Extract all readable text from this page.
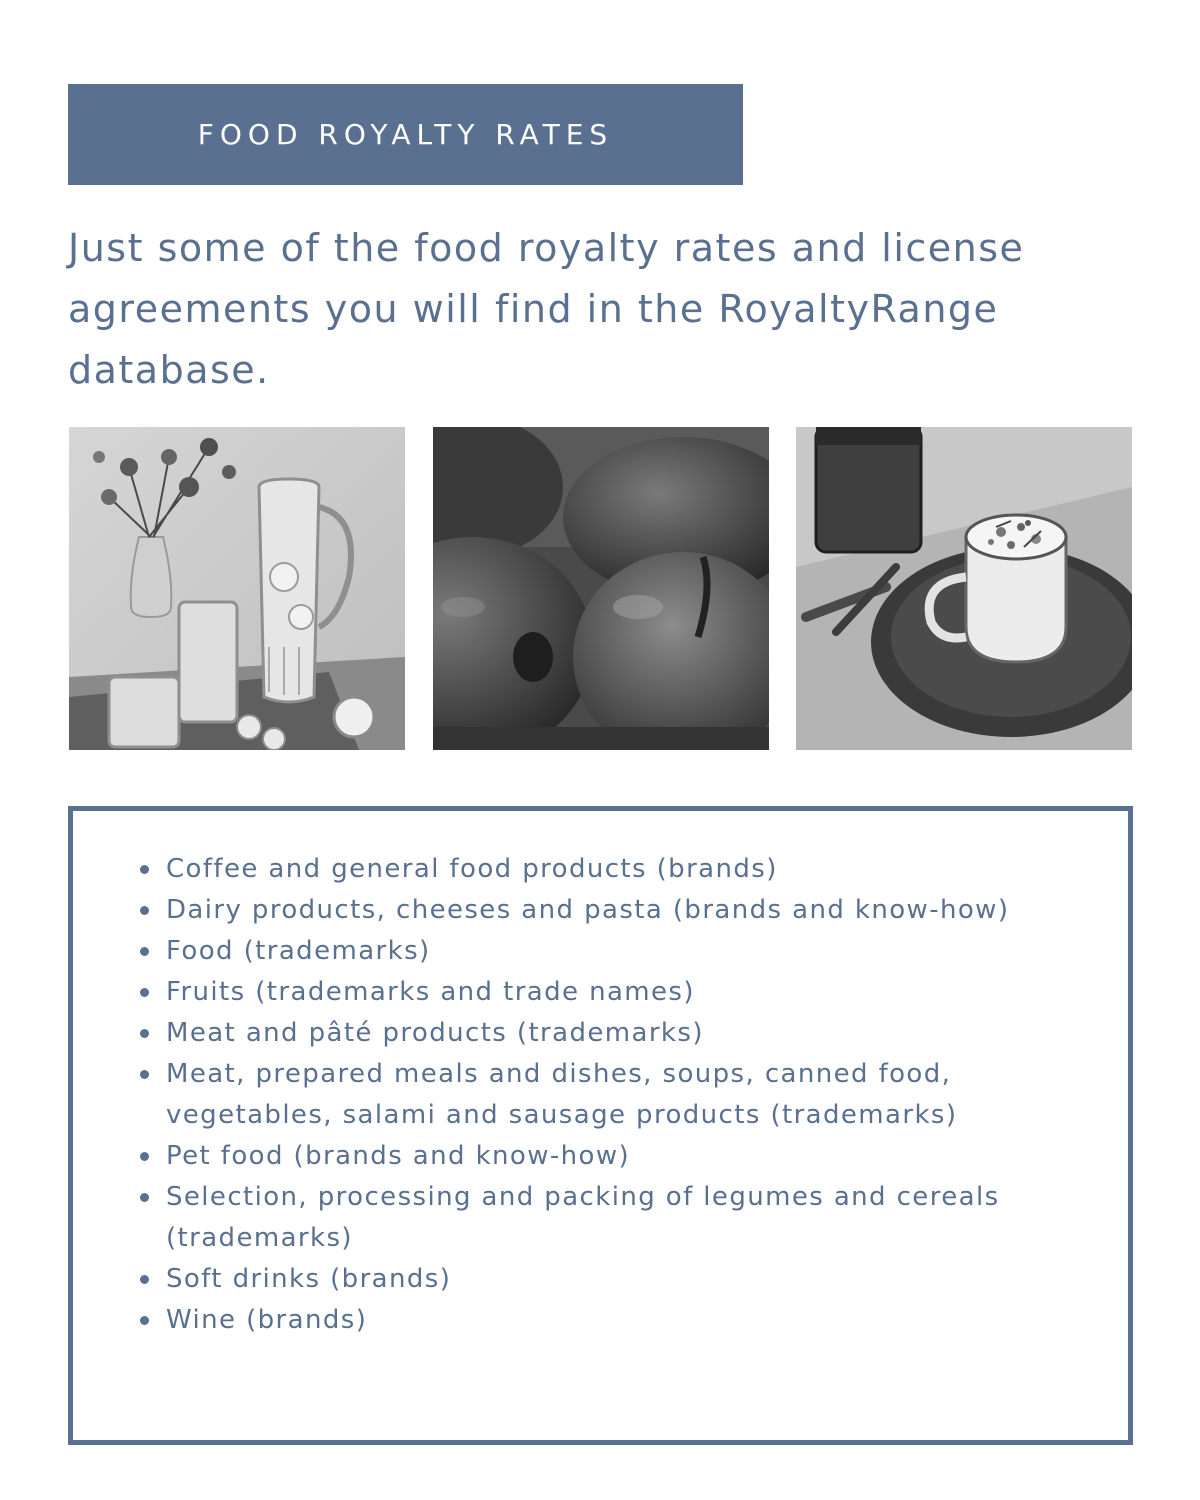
FOOD ROYALTY RATES

Just some of the food royalty rates and license agreements you will find in the RoyaltyRange database.

Coffee and general food products (brands)
Dairy products, cheeses and pasta (brands and know-how)
Food (trademarks)
Fruits (trademarks and trade names)
Meat and pâté products (trademarks)
Meat, prepared meals and dishes, soups, canned food, vegetables, salami and sausage products (trademarks)
Pet food (brands and know-how)
Selection, processing and packing of legumes and cereals (trademarks)
Soft drinks (brands)
Wine (brands)
